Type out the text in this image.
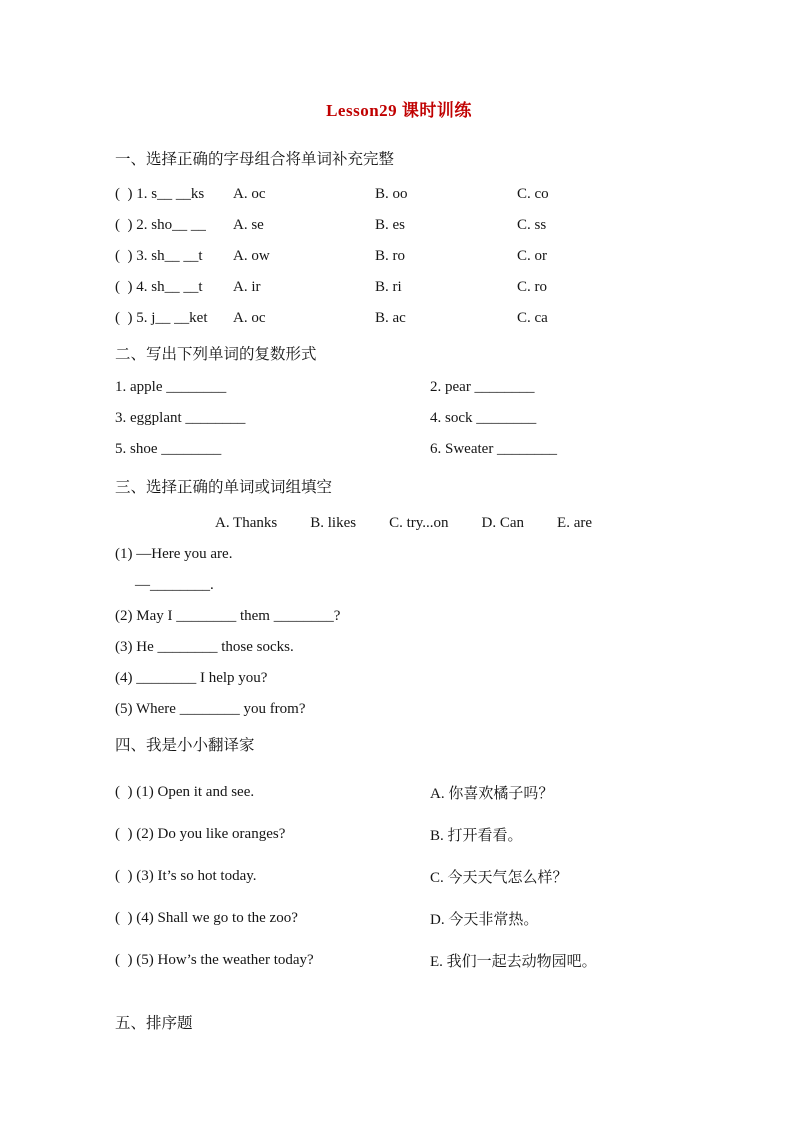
Lesson29 课时训练
一、选择正确的字母组合将单词补充完整
(  ) 1. s__ __ks	A. oc	B. oo	C. co
(  ) 2. sho__ __	A. se	B. es	C. ss
(  ) 3. sh__ __t	A. ow	B. ro	C. or
(  ) 4. sh__ __t	A. ir	B. ri	C. ro
(  ) 5. j__ __ket	A. oc	B. ac	C. ca
二、写出下列单词的复数形式
1. apple ________	2. pear ________
3. eggplant ________	4. sock ________
5. shoe ________	6. Sweater ________
三、选择正确的单词或词组填空
A. Thanks B. likes C. try...on D. Can E. are
(1) —Here you are.
—________.
(2) May I ________ them ________?
(3) He ________ those socks.
(4) ________ I help you?
(5) Where ________ you from?
四、我是小小翻译家
(  ) (1) Open it and see.	A. 你喜欢橘子吗？
(  ) (2) Do you like oranges?	B. 打开看看。
(  ) (3) It’s so hot today.	C. 今天天气怎么样？
(  ) (4) Shall we go to the zoo?	D. 今天非常热。
(  ) (5) How’s the weather today?	E. 我们一起去动物园吧。
五、排序题
